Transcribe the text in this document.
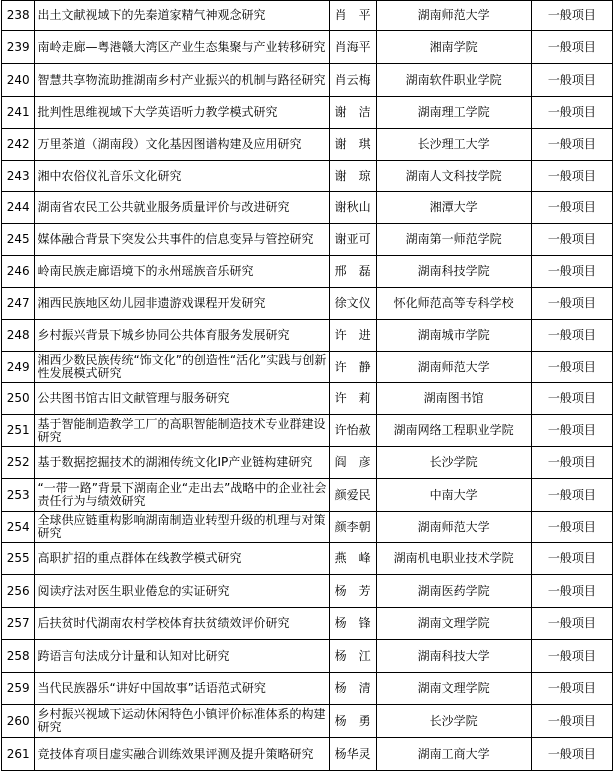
238	出土文献视域下的先秦道家精气神观念研究	肖　平	湖南师范大学	一般项目
239	南岭走廊—粤港赣大湾区产业生态集聚与产业转移研究	肖海平	湘南学院	一般项目
240	智慧共享物流助推湖南乡村产业振兴的机制与路径研究	肖云梅	湖南软件职业学院	一般项目
241	批判性思维视域下大学英语听力教学模式研究	谢　洁	湖南理工学院	一般项目
242	万里茶道（湖南段）文化基因图谱构建及应用研究	谢　琪	长沙理工大学	一般项目
243	湘中农俗仪礼音乐文化研究	谢　琼	湖南人文科技学院	一般项目
244	湖南省农民工公共就业服务质量评价与改进研究	谢秋山	湘潭大学	一般项目
245	媒体融合背景下突发公共事件的信息变异与管控研究	谢亚可	湖南第一师范学院	一般项目
246	岭南民族走廊语境下的永州瑶族音乐研究	邢　磊	湖南科技学院	一般项目
247	湘西民族地区幼儿园非遗游戏课程开发研究	徐文仪	怀化师范高等专科学校	一般项目
248	乡村振兴背景下城乡协同公共体育服务发展研究	许　进	湖南城市学院	一般项目
249	湘西少数民族传统“饰文化”的创造性“活化”实践与创新性发展模式研究	许　静	湖南师范大学	一般项目
250	公共图书馆古旧文献管理与服务研究	许　莉	湖南图书馆	一般项目
251	基于智能制造教学工厂的高职智能制造技术专业群建设研究	许怡赦	湖南网络工程职业学院	一般项目
252	基于数据挖掘技术的湖湘传统文化IP产业链构建研究	阎　彦	长沙学院	一般项目
253	“一带一路”背景下湖南企业“走出去”战略中的企业社会责任行为与绩效研究	颜爱民	中南大学	一般项目
254	全球供应链重构影响湖南制造业转型升级的机理与对策研究	颜李朝	湖南师范大学	一般项目
255	高职扩招的重点群体在线教学模式研究	燕　峰	湖南机电职业技术学院	一般项目
256	阅读疗法对医生职业倦怠的实证研究	杨　芳	湖南医药学院	一般项目
257	后扶贫时代湖南农村学校体育扶贫绩效评价研究	杨　锋	湖南文理学院	一般项目
258	跨语言句法成分计量和认知对比研究	杨　江	湖南科技大学	一般项目
259	当代民族器乐“讲好中国故事”话语范式研究	杨　清	湖南文理学院	一般项目
260	乡村振兴视域下运动休闲特色小镇评价标准体系的构建研究	杨　勇	长沙学院	一般项目
261	竞技体育项目虚实融合训练效果评测及提升策略研究	杨华灵	湖南工商大学	一般项目
